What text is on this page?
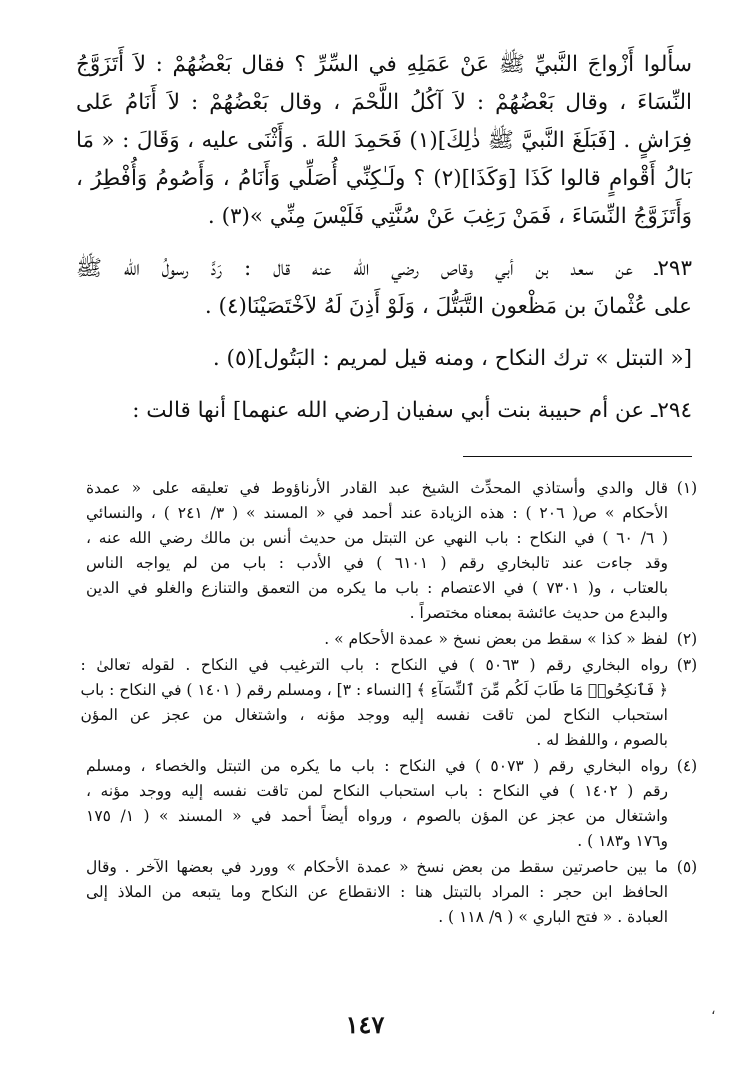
سأَلوا أَزْواجَ النَّبيِّ ﷺ عَنْ عَمَلِهِ في السِّرِّ ؟ فقال بَعْضُهُمْ : لاَ أَتَزَوَّجُ
النِّسَاءَ ، وقال بَعْضُهُمْ : لاَ آكُلُ اللَّحْمَ ، وقال بَعْضُهُمْ : لاَ أَنَامُ عَلى
فِرَاشٍ . [فَبَلَغَ النَّبيَّ ﷺ ذٰلِكَ](١) فَحَمِدَ اللهَ . وَأَثْنَى عليه ، وَقَالَ : « مَا
بَالُ أَقْوامٍ قالوا كَذَا [وَكَذَا](٢) ؟ ولَـٰكِنِّي أُصَلِّي وَأَنَامُ ، وَأَصُومُ وَأُفْطِرُ ،
وَأَتَزَوَّجُ النِّسَاءَ ، فَمَنْ رَغِبَ عَنْ سُنَّتِي فَلَيْسَ مِنِّي »(٣) .

٢٩٣ـ عن سعد بن أبي وقاص رضي الله عنه قال : رَدَّ رسولُ الله ﷺ
على عُثْمانَ بن مَظْعون التَّبَتُّلَ ، وَلَوْ أَذِنَ لَهُ لاَخْتَصَيْنَا(٤) .

[« التبتل » ترك النكاح ، ومنه قيل لمريم : البَتُول](٥) .

٢٩٤ـ عن أم حبيبة بنت أبي سفيان [رضي الله عنهما] أنها قالت :

(١)
قال والدي وأستاذي المحدِّث الشيخ عبد القادر الأرناؤوط في تعليقه على « عمدة
الأحكام » ص( ٢٠٦ ) : هذه الزيادة عند أحمد في « المسند » ( ٣/ ٢٤١ ) ، والنسائي
( ٦/ ٦٠ ) في النكاح : باب النهي عن التبتل من حديث أنس بن مالك رضي الله عنه ،
وقد جاءت عند تالبخاري رقم ( ٦١٠١ ) في الأدب : باب من لم يواجه الناس
بالعتاب ، و( ٧٣٠١ ) في الاعتصام : باب ما يكره من التعمق والتنازع والغلو في الدين
والبدع من حديث عائشة بمعناه مختصراً .
(٢)
لفظ « كذا » سقط من بعض نسخ « عمدة الأحكام » .
(٣)
رواه البخاري رقم ( ٥٠٦٣ ) في النكاح : باب الترغيب في النكاح . لقوله تعالىٰ :
﴿ فَٱنكِحُوا۟ مَا طَابَ لَكُم مِّنَ ٱلنِّسَآءِ ﴾ [النساء : ٣] ، ومسلم رقم ( ١٤٠١ ) في النكاح : باب
استحباب النكاح لمن تاقت نفسه إليه ووجد مؤنه ، واشتغال من عجز عن المؤن
بالصوم ، واللفظ له .
(٤)
رواه البخاري رقم ( ٥٠٧٣ ) في النكاح : باب ما يكره من التبتل والخصاء ، ومسلم
رقم ( ١٤٠٢ ) في النكاح : باب استحباب النكاح لمن تاقت نفسه إليه ووجد مؤنه ،
واشتغال من عجز عن المؤن بالصوم ، ورواه أيضاً أحمد في « المسند » ( ١/ ١٧٥
و١٧٦ و١٨٣ ) .
(٥)
ما بين حاصرتين سقط من بعض نسخ « عمدة الأحكام » وورد في بعضها الآخر . وقال
الحافظ ابن حجر : المراد بالتبتل هنا : الانقطاع عن النكاح وما يتبعه من الملاذ إلى
العبادة . « فتح الباري » ( ٩/ ١١٨ ) .
١٤٧	،
